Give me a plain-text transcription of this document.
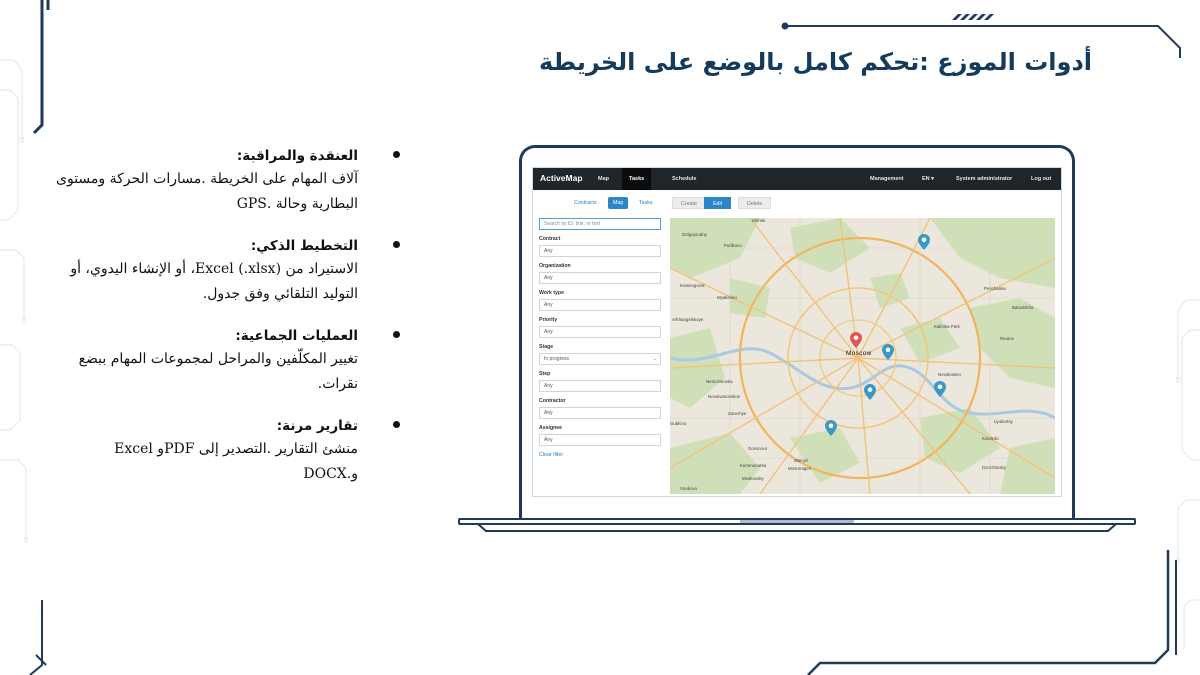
أدوات الموزع :تحكم كامل بالوضع على الخريطة
العنقدة والمراقبة:
آلاف المهام على الخريطة .مسارات الحركة ومستوى
البطارية وحالة .GPS
التخطيط الذكي:
الاستيراد من (Excel (.xlsx، أو الإنشاء اليدوي، أو
التوليد التلقائي وفق جدول.
العمليات الجماعية:
تغيير المكلّفين والمراحل لمجموعات المهام ببضع
نقرات.
تقارير مرنة:
منشئ التقارير .التصدير إلى PDFو Excel
و.DOCX
ActiveMap	Map	Tasks	Schedule	Management	EN ▾	System administrator	Log out
Contracts	Map	Tasks	Create	Edit	Delete
Search by ID, title, or text
Contract
Any
Organization
Any
Work type
Any
Priority
Any
Stage
In progress	⌄
Step
Any
Contractor
Any
Assignee
Any
Clear filter
Khimki
Dolgoprudny
Putilkovo
Krasnogorsk
Myakinino
Arkhangelskoye
Reutov
Balashikha
Lyubertsy
Kotelniki
Dzerzhinsky
Nemchinovka
Novoivanovskoe
Zarechye
Gubkino
Govorovo
Kommunarka
Mosrentgen
Mamyri
Vnukovo
Peschanka
Novokosino
Kalinina Park
Moskovsky
Moscow
